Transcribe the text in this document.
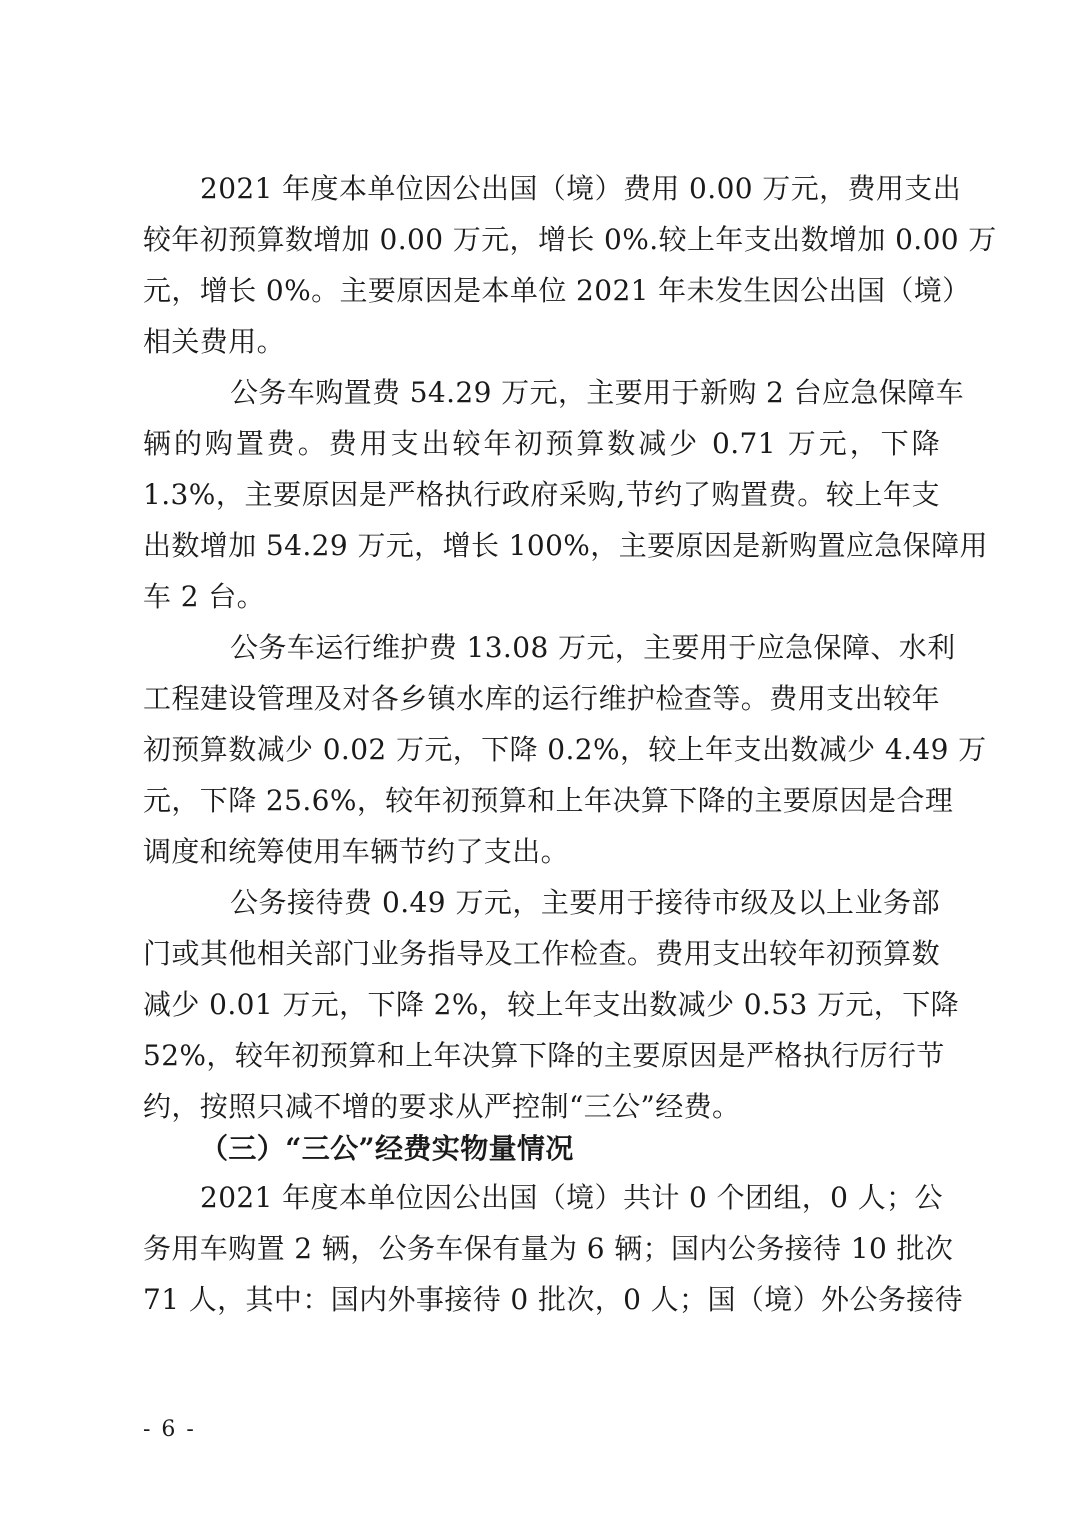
2021 年度本单位因公出国（境）费用 0.00 万元，费用支出
较年初预算数增加 0.00 万元，增长 0%.较上年支出数增加 0.00 万
元，增长 0%。主要原因是本单位 2021 年未发生因公出国（境）
相关费用。
公务车购置费 54.29 万元，主要用于新购 2 台应急保障车
辆的购置费。费用支出较年初预算数减少 0.71 万元，下降
1.3%，主要原因是严格执行政府采购,节约了购置费。较上年支
出数增加 54.29 万元，增长 100%，主要原因是新购置应急保障用
车 2 台。
公务车运行维护费 13.08 万元，主要用于应急保障、水利
工程建设管理及对各乡镇水库的运行维护检查等。费用支出较年
初预算数减少 0.02 万元，下降 0.2%，较上年支出数减少 4.49 万
元，下降 25.6%，较年初预算和上年决算下降的主要原因是合理
调度和统筹使用车辆节约了支出。
公务接待费 0.49 万元，主要用于接待市级及以上业务部
门或其他相关部门业务指导及工作检查。费用支出较年初预算数
减少 0.01 万元，下降 2%，较上年支出数减少 0.53 万元，下降
52%，较年初预算和上年决算下降的主要原因是严格执行厉行节
约，按照只减不增的要求从严控制“三公”经费。
（三）“三公”经费实物量情况
2021 年度本单位因公出国（境）共计 0 个团组，0 人；公
务用车购置 2 辆，公务车保有量为 6 辆；国内公务接待 10 批次
71 人，其中：国内外事接待 0 批次，0 人；国（境）外公务接待
- 6 -
